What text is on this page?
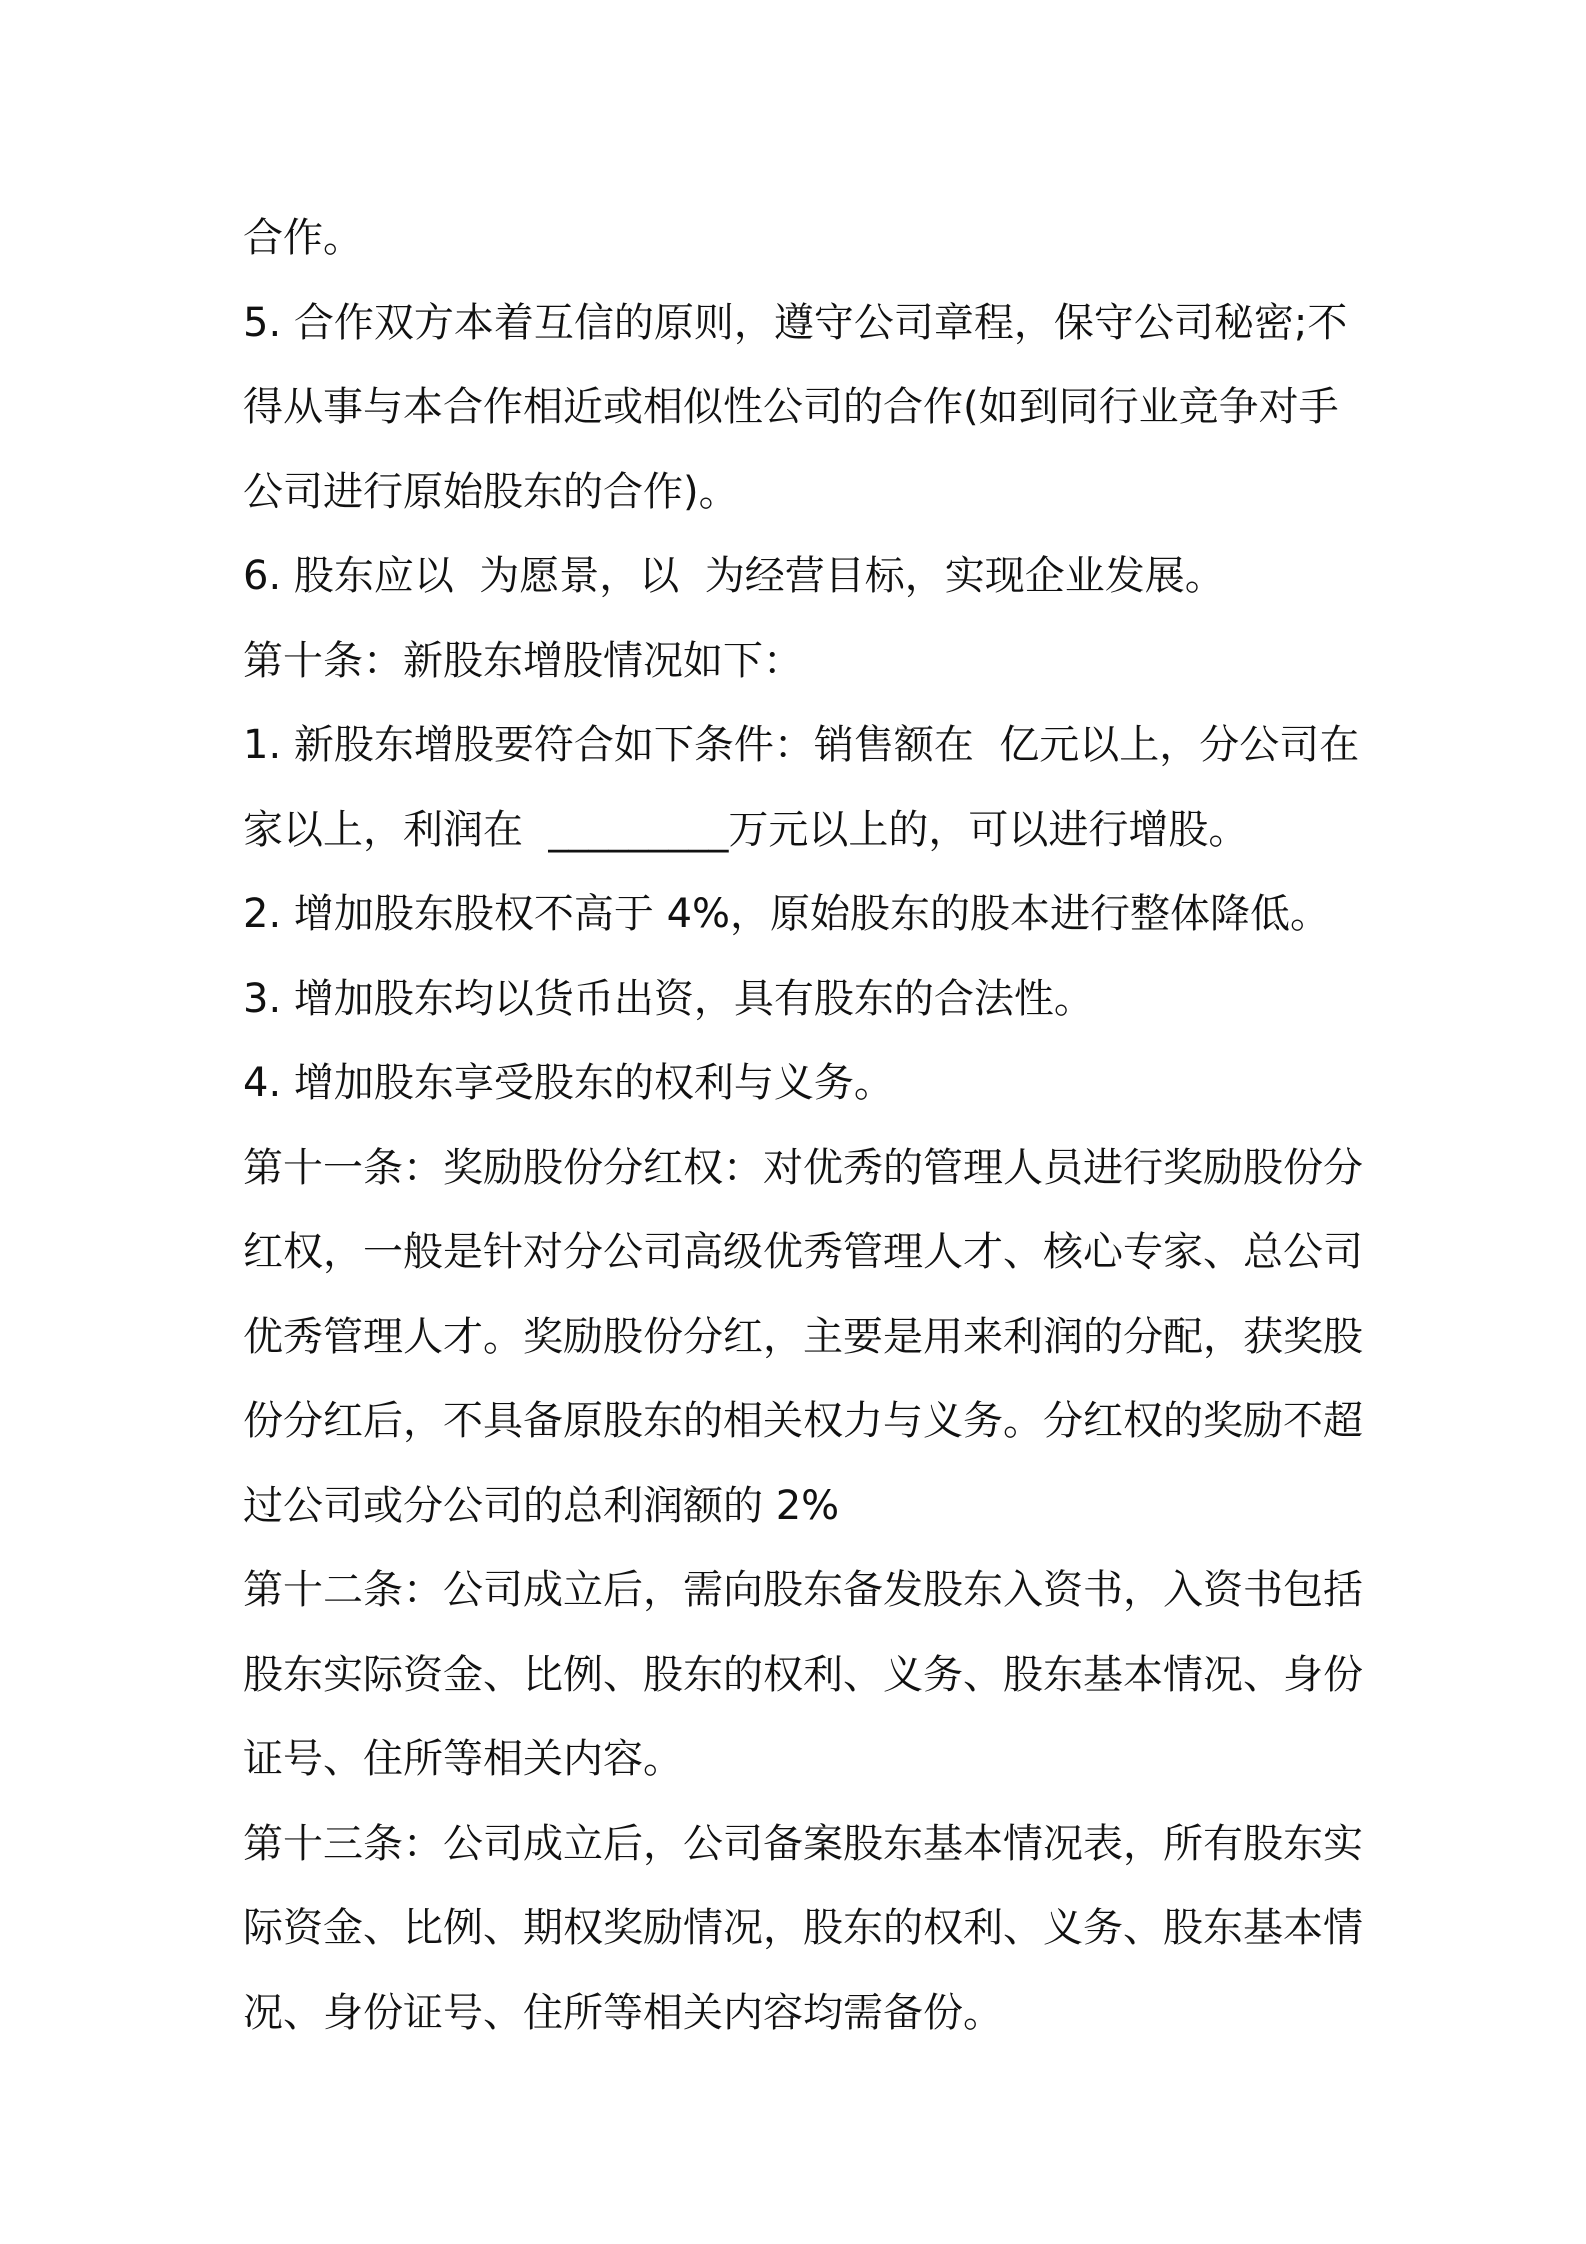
合作。
5. 合作双方本着互信的原则，遵守公司章程，保守公司秘密;不
得从事与本合作相近或相似性公司的合作(如到同行业竞争对手
公司进行原始股东的合作)。
6. 股东应以  为愿景，以  为经营目标，实现企业发展。
第十条：新股东增股情况如下：
1. 新股东增股要符合如下条件：销售额在  亿元以上，分公司在
家以上，利润在  _________万元以上的，可以进行增股。
2. 增加股东股权不高于 4%，原始股东的股本进行整体降低。
3. 增加股东均以货币出资，具有股东的合法性。
4. 增加股东享受股东的权利与义务。
第十一条：奖励股份分红权：对优秀的管理人员进行奖励股份分
红权，一般是针对分公司高级优秀管理人才、核心专家、总公司
优秀管理人才。奖励股份分红，主要是用来利润的分配，获奖股
份分红后，不具备原股东的相关权力与义务。分红权的奖励不超
过公司或分公司的总利润额的 2%
第十二条：公司成立后，需向股东备发股东入资书，入资书包括
股东实际资金、比例、股东的权利、义务、股东基本情况、身份
证号、住所等相关内容。
第十三条：公司成立后，公司备案股东基本情况表，所有股东实
际资金、比例、期权奖励情况，股东的权利、义务、股东基本情
况、身份证号、住所等相关内容均需备份。
